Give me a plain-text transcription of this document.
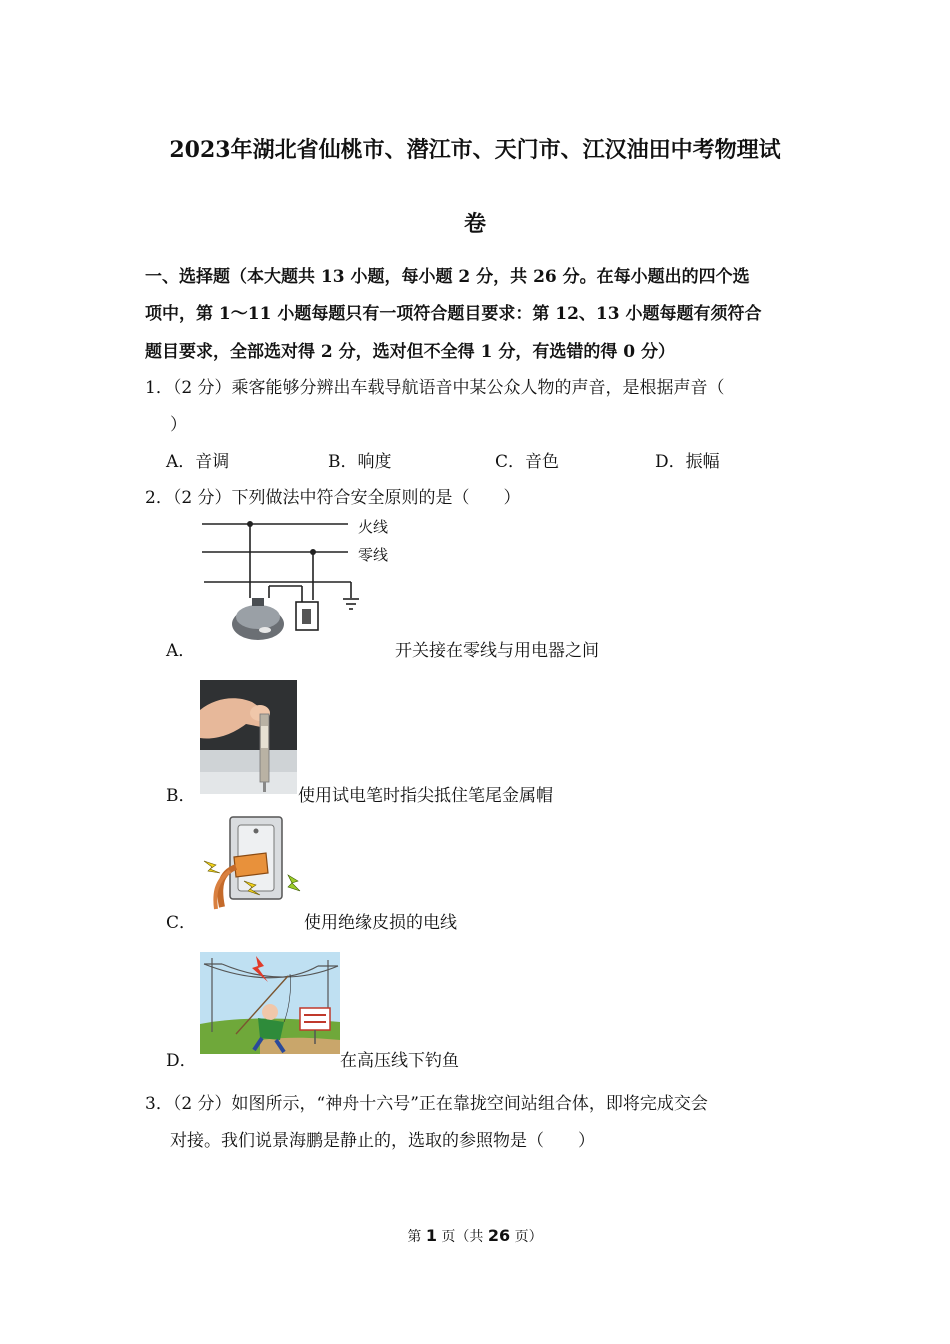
2023年湖北省仙桃市、潜江市、天门市、江汉油田中考物理试
卷
一、选择题（本大题共 13 小题，每小题 2 分，共 26 分。在每小题出的四个选
项中，第 1～11 小题每题只有一项符合题目要求：第 12、13 小题每题有须符合
题目要求，全部选对得 2 分，选对但不全得 1 分，有选错的得 0 分）
1．（2 分）乘客能够分辨出车载导航语音中某公众人物的声音，是根据声音（
）
A．音调	B．响度	C．音色	D．振幅
2．（2 分）下列做法中符合安全原则的是（　　）
火线
零线
A．	开关接在零线与用电器之间
B．	使用试电笔时指尖抵住笔尾金属帽
C．	使用绝缘皮损的电线
D．	在高压线下钓鱼
3．（2 分）如图所示，“神舟十六号”正在靠拢空间站组合体，即将完成交会
对接。我们说景海鹏是静止的，选取的参照物是（　　）
第 1 页（共 26 页）
